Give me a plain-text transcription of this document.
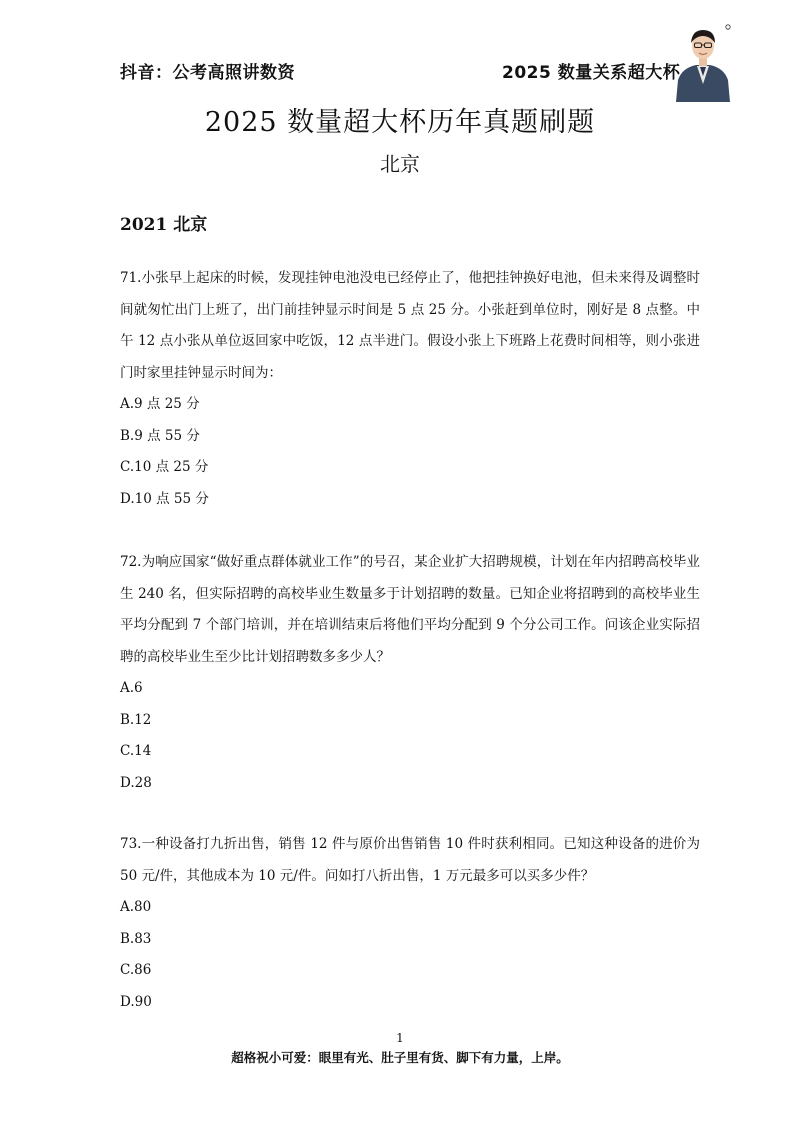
抖音：公考高照讲数资	2025 数量关系超大杯
2025 数量超大杯历年真题刷题
北京
2021 北京

71.小张早上起床的时候，发现挂钟电池没电已经停止了，他把挂钟换好电池，但未来得及调整时间就匆忙出门上班了，出门前挂钟显示时间是 5 点 25 分。小张赶到单位时，刚好是 8 点整。中午 12 点小张从单位返回家中吃饭，12 点半进门。假设小张上下班路上花费时间相等，则小张进门时家里挂钟显示时间为：

A.9 点 25 分
B.9 点 55 分
C.10 点 25 分
D.10 点 55 分

72.为响应国家“做好重点群体就业工作”的号召，某企业扩大招聘规模，计划在年内招聘高校毕业生 240 名，但实际招聘的高校毕业生数量多于计划招聘的数量。已知企业将招聘到的高校毕业生平均分配到 7 个部门培训，并在培训结束后将他们平均分配到 9 个分公司工作。问该企业实际招聘的高校毕业生至少比计划招聘数多多少人？

A.6
B.12
C.14
D.28

73.一种设备打九折出售，销售 12 件与原价出售销售 10 件时获利相同。已知这种设备的进价为 50 元/件，其他成本为 10 元/件。问如打八折出售，1 万元最多可以买多少件？

A.80
B.83
C.86
D.90
1
超格祝小可爱：眼里有光、肚子里有货、脚下有力量，上岸。
